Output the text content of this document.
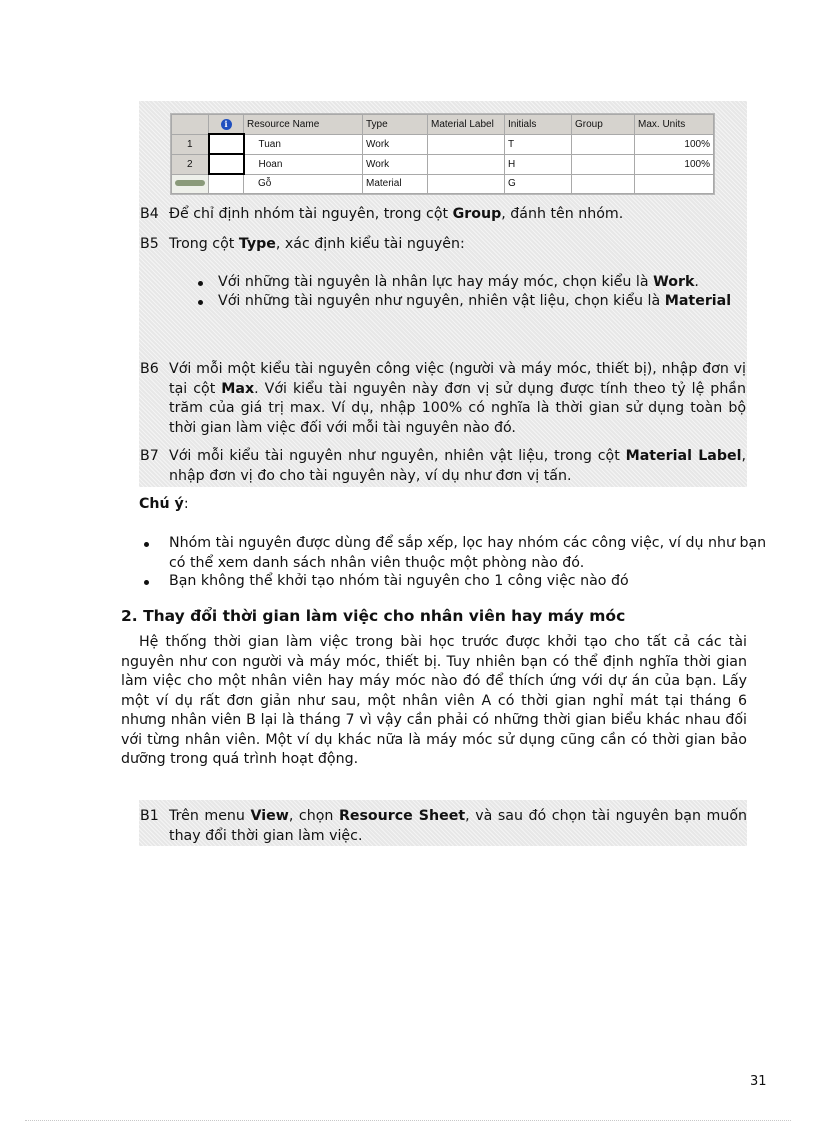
	i	Resource Name	Type	Material Label	Initials	Group	Max. Units
1		Tuan	Work		T		100%
2		Hoan	Work		H		100%
		Gỗ	Material		G		
B4 Để chỉ định nhóm tài nguyên, trong cột Group, đánh tên nhóm.
B5 Trong cột Type, xác định kiểu tài nguyên:
Với những tài nguyên là nhân lực hay máy móc, chọn kiểu là Work.
Với những tài nguyên như nguyên, nhiên vật liệu, chọn kiểu là Material
B6 Với mỗi một kiểu tài nguyên công việc (người và máy móc, thiết bị), nhập đơn vị tại cột Max. Với kiểu tài nguyên này đơn vị sử dụng được tính theo tỷ lệ phần trăm của giá trị max. Ví dụ, nhập 100% có nghĩa là thời gian sử dụng toàn bộ thời gian làm việc đối với mỗi tài nguyên nào đó.
B7 Với mỗi kiểu tài nguyên như nguyên, nhiên vật liệu, trong cột Material Label, nhập đơn vị đo cho tài nguyên này, ví dụ như đơn vị tấn.
Chú ý:
Nhóm tài nguyên được dùng để sắp xếp, lọc hay nhóm các công việc, ví dụ như bạn có thể xem danh sách nhân viên thuộc một phòng nào đó.
Bạn không thể khởi tạo nhóm tài nguyên cho 1 công việc nào đó
2. Thay đổi thời gian làm việc cho nhân viên hay máy móc
Hệ thống thời gian làm việc trong bài học trước được khởi tạo cho tất cả các tài nguyên như con người và máy móc, thiết bị. Tuy nhiên bạn có thể định nghĩa thời gian làm việc cho một nhân viên hay máy móc nào đó để thích ứng với dự án của bạn. Lấy một ví dụ rất đơn giản như sau, một nhân viên A có thời gian nghỉ mát tại tháng 6 nhưng nhân viên B lại là tháng 7 vì vậy cần phải có những thời gian biểu khác nhau đối với từng nhân viên. Một ví dụ khác nữa là máy móc sử dụng cũng cần có thời gian bảo dưỡng trong quá trình hoạt động.
B1 Trên menu View, chọn Resource Sheet, và sau đó chọn tài nguyên bạn muốn thay đổi thời gian làm việc.
31
